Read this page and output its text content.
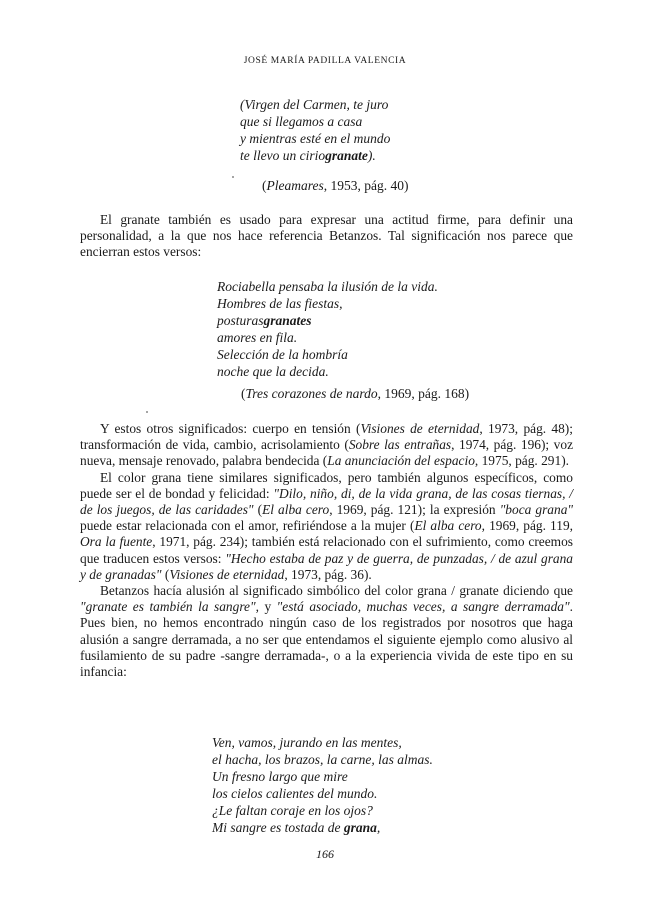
JOSÉ MARÍA PADILLA VALENCIA
(Virgen del Carmen, te juro
que si llegamos a casa
y mientras esté en el mundo
te llevo un ciriogranate).
(Pleamares, 1953, pág. 40)

El granate también es usado para expresar una actitud firme, para definir una personalidad, a la que nos hace referencia Betanzos. Tal significación nos parece que encierran estos versos:

Rociabella pensaba la ilusión de la vida.
Hombres de las fiestas,
posturasgranates
amores en fila.
Selección de la hombría
noche que la decida.
(Tres corazones de nardo, 1969, pág. 168)

Y estos otros significados: cuerpo en tensión (Visiones de eternidad, 1973, pág. 48); transformación de vida, cambio, acrisolamiento (Sobre las entrañas, 1974, pág. 196); voz nueva, mensaje renovado, palabra bendecida (La anunciación del espacio, 1975, pág. 291).

El color grana tiene similares significados, pero también algunos específicos, como puede ser el de bondad y felicidad: "Dilo, niño, di, de la vida grana, de las cosas tiernas, / de los juegos, de las caridades" (El alba cero, 1969, pág. 121); la expresión "boca grana" puede estar relacionada con el amor, refiriéndose a la mujer (El alba cero, 1969, pág. 119, Ora la fuente, 1971, pág. 234); también está relacionado con el sufrimiento, como creemos que traducen estos versos: "Hecho estaba de paz y de guerra, de punzadas, / de azul grana y de granadas" (Visiones de eternidad, 1973, pág. 36).

Betanzos hacía alusión al significado simbólico del color grana / granate diciendo que "granate es también la sangre", y "está asociado, muchas veces, a sangre derramada". Pues bien, no hemos encontrado ningún caso de los registrados por nosotros que haga alusión a sangre derramada, a no ser que entendamos el siguiente ejemplo como alusivo al fusilamiento de su padre -sangre derramada-, o a la experiencia vivida de este tipo en su infancia:

Ven, vamos, jurando en las mentes,
el hacha, los brazos, la carne, las almas.
Un fresno largo que mire
los cielos calientes del mundo.
¿Le faltan coraje en los ojos?
Mi sangre es tostada de grana,
166
